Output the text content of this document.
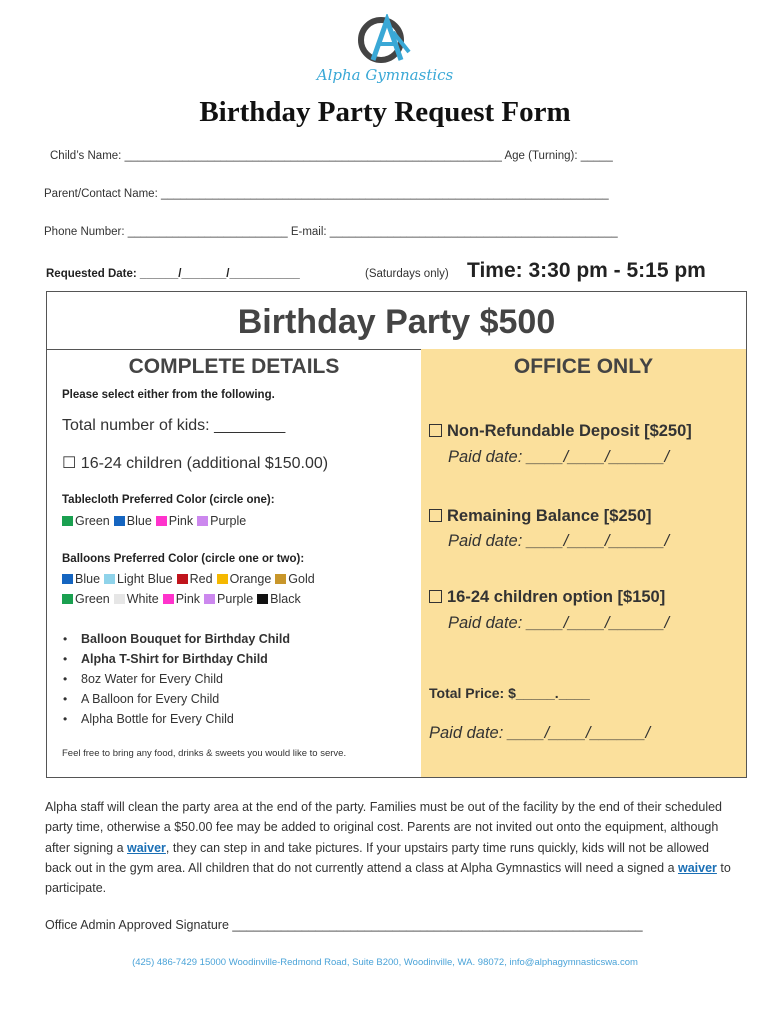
Alpha Gymnastics
Birthday Party Request Form
Child’s Name: ___________________________________________________________ Age (Turning): _____
Parent/Contact Name: ______________________________________________________________________
Phone Number: _________________________ E-mail: _____________________________________________
Requested Date: ______/_______/___________	(Saturdays only) Time: 3:30 pm - 5:15 pm
Birthday Party $500
COMPLETE DETAILS
Please select either from the following.
Total number of kids: ________
☐ 16-24 children (additional $150.00)
Tablecloth Preferred Color (circle one):
Green Blue Pink Purple
Balloons Preferred Color (circle one or two):
Blue Light Blue Red Orange Gold
Green White Pink Purple Black
• Balloon Bouquet for Birthday Child
• Alpha T-Shirt for Birthday Child
• 8oz Water for Every Child
• A Balloon for Every Child
• Alpha Bottle for Every Child
Feel free to bring any food, drinks & sweets you would like to serve.
OFFICE ONLY
Non-Refundable Deposit [$250]
Paid date: ____/____/______/
Remaining Balance [$250]
Paid date: ____/____/______/
16-24 children option [$150]
Paid date: ____/____/______/
Total Price: $_____.____
Paid date: ____/____/______/
Alpha staff will clean the party area at the end of the party. Families must be out of the facility by the end of their scheduled party time, otherwise a $50.00 fee may be added to original cost. Parents are not invited out onto the equipment, although after signing a waiver, they can step in and take pictures. If your upstairs party time runs quickly, kids will not be allowed back out in the gym area. All children that do not currently attend a class at Alpha Gymnastics will need a signed a waiver to participate.
Office Admin Approved Signature ___________________________________________________________
(425) 486-7429 15000 Woodinville-Redmond Road, Suite B200, Woodinville, WA. 98072, info@alphagymnasticswa.com
